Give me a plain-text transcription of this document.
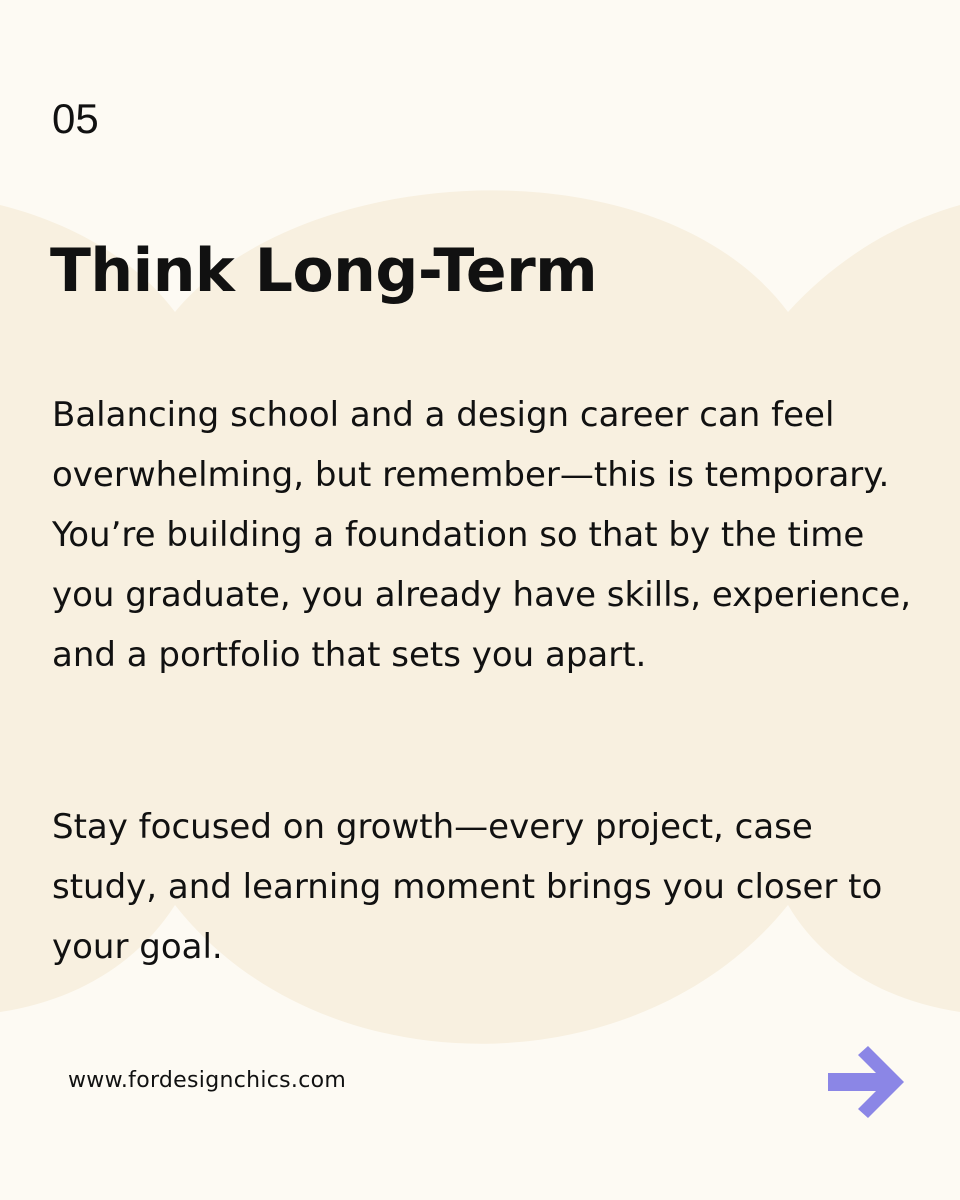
05
Think Long-Term

Balancing school and a design career can feel overwhelming, but remember—this is temporary. You’re building a foundation so that by the time you graduate, you already have skills, experience, and a portfolio that sets you apart.

Stay focused on growth—every project, case study, and learning moment brings you closer to your goal.

www.fordesignchics.com
